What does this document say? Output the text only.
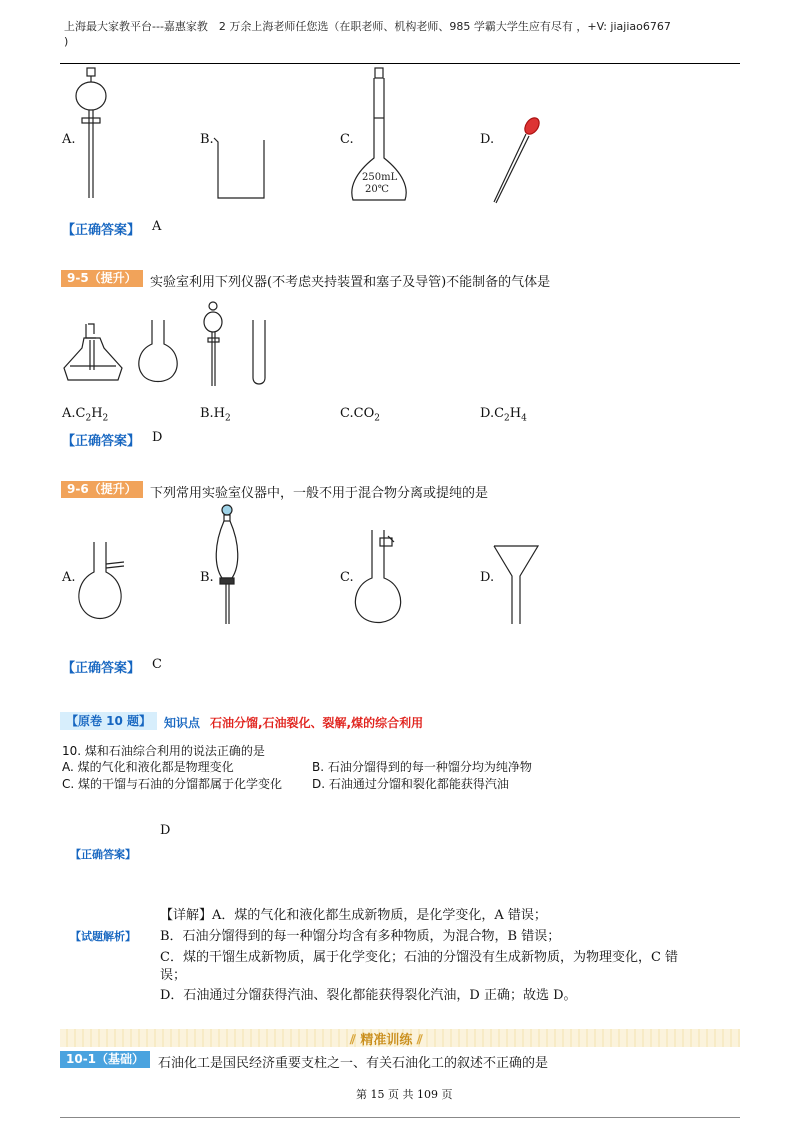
上海最大家教平台---嘉惠家教　2 万余上海老师任您选（在职老师、机构老师、985 学霸大学生应有尽有 ，+V: jiajiao6767
)
A.	B.	C.
250mL
20℃
D.
【正确答案】 A
9-5（提升）	实验室利用下列仪器(不考虑夹持装置和塞子及导管)不能制备的气体是
$A.C_2H_2$	$B.H_2$	$C.CO_2$	$D.C_2H_4$
【正确答案】 D
9-6（提升）	下列常用实验室仪器中，一般不用于混合物分离或提纯的是
A.	B.	C.	D.
【正确答案】 C
【原卷 10 题】	知识点 石油分馏,石油裂化、裂解,煤的综合利用
10. 煤和石油综合利用的说法正确的是
A. 煤的气化和液化都是物理变化	B. 石油分馏得到的每一种馏分均为纯净物
C. 煤的干馏与石油的分馏都属于化学变化 D. 石油通过分馏和裂化都能获得汽油
D
【正确答案】
【试题解析】
【详解】A．煤的气化和液化都生成新物质，是化学变化，A 错误；
B．石油分馏得到的每一种馏分均含有多种物质，为混合物，B 错误；
C．煤的干馏生成新物质，属于化学变化；石油的分馏没有生成新物质，为物理变化，C 错
误；
D．石油通过分馏获得汽油、裂化都能获得裂化汽油，D 正确；故选 D。
⫽ 精准训练 ⫽
10-1（基础）	石油化工是国民经济重要支柱之一、有关石油化工的叙述不正确的是
第 15 页 共 109 页
